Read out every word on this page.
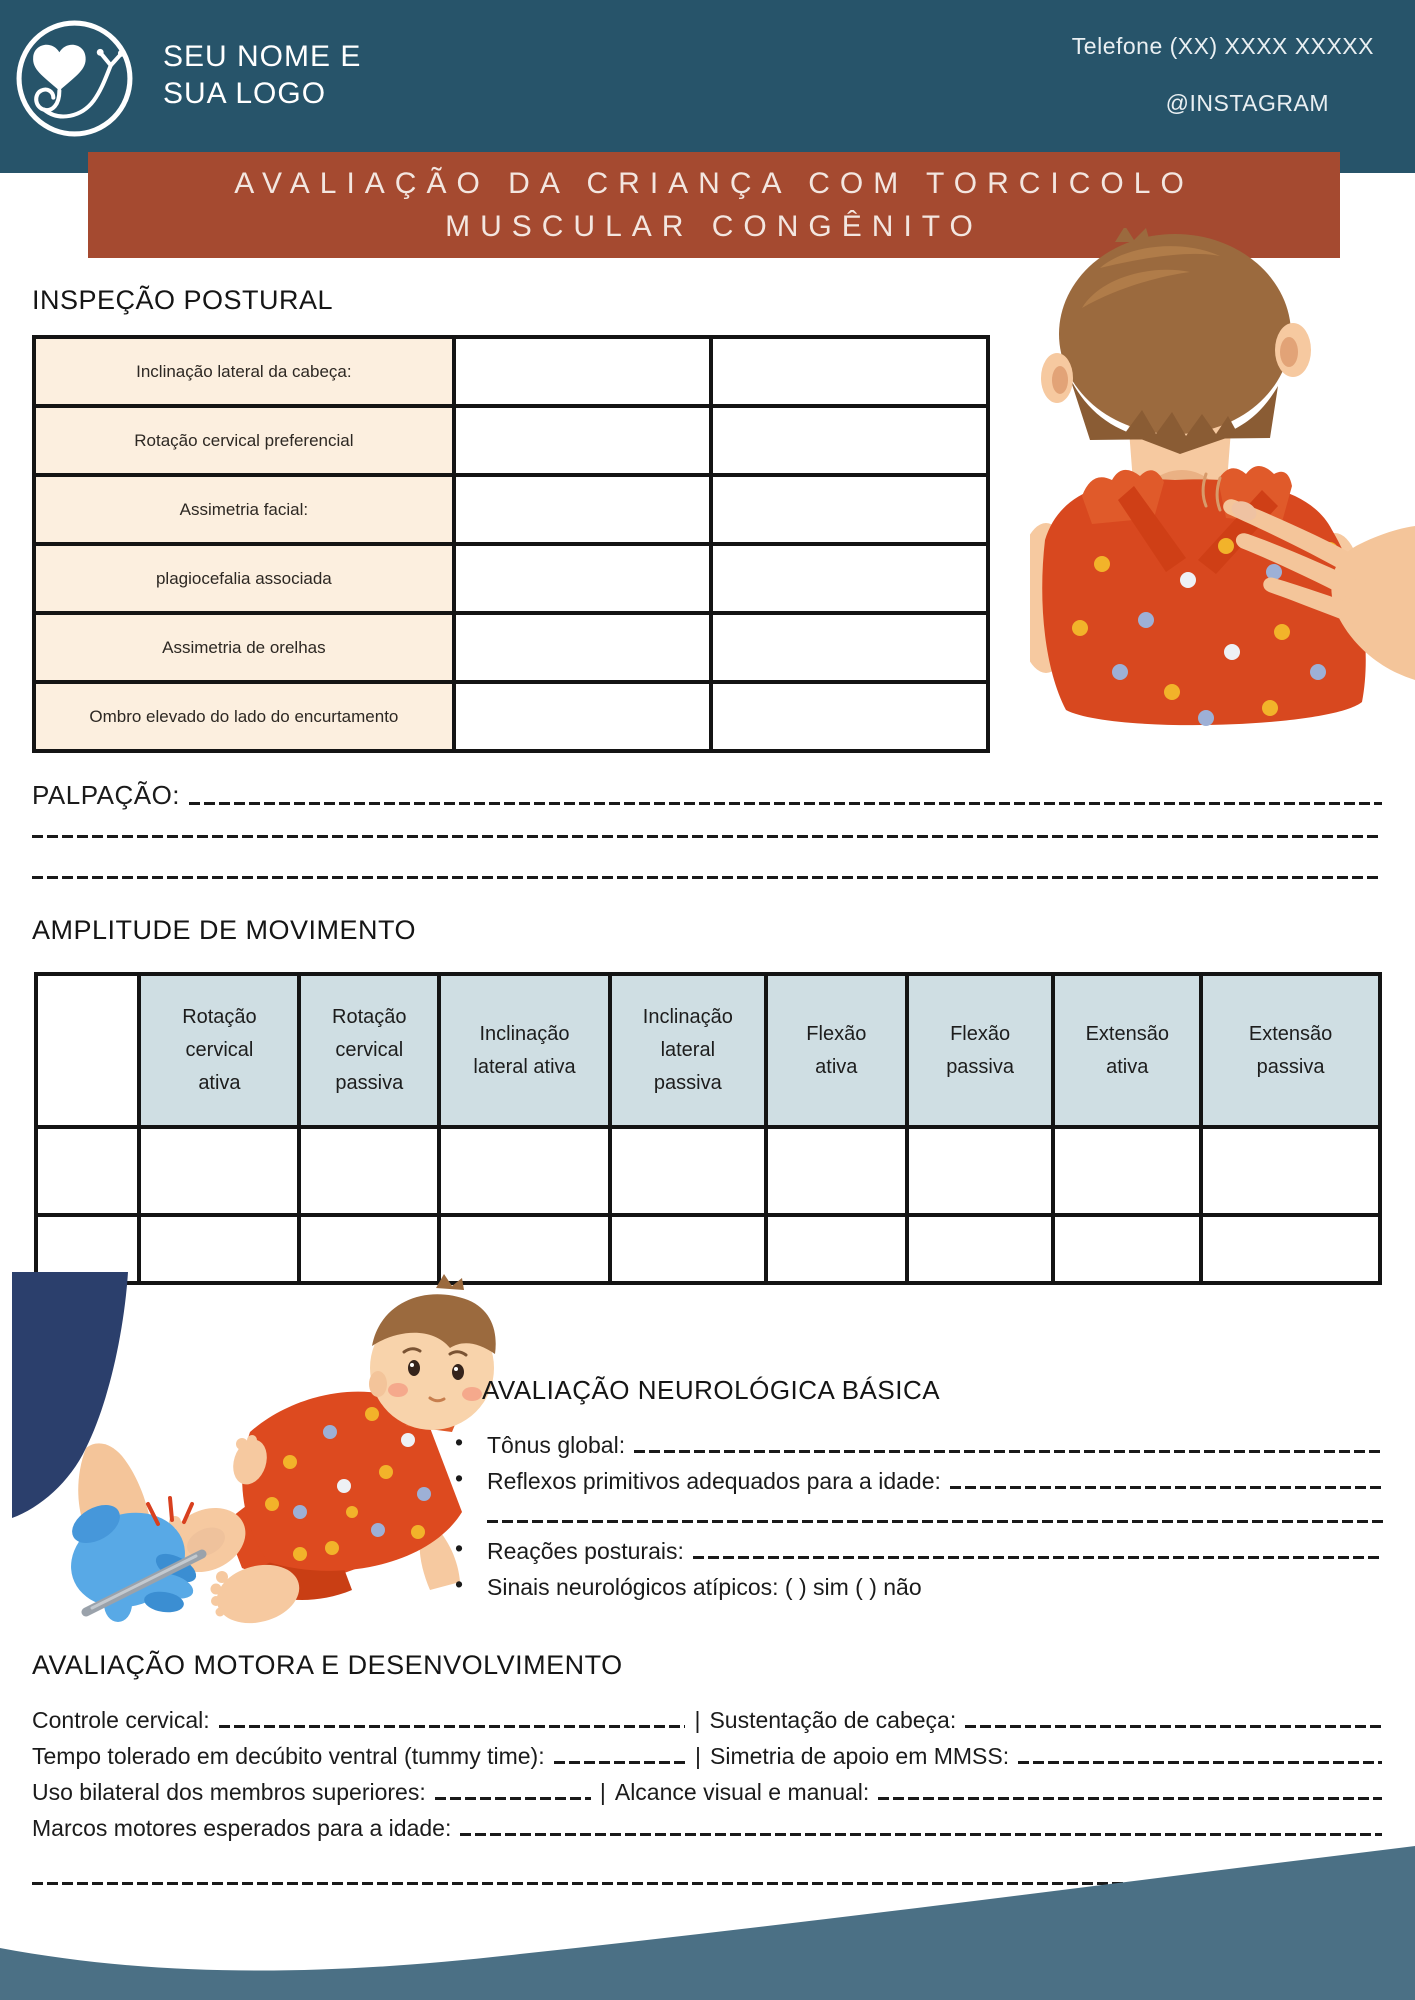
SEU NOME E
SUA LOGO
Telefone (XX) XXXX XXXXX
@INSTAGRAM
AVALIAÇÃO DA CRIANÇA COM TORCICOLO
MUSCULAR CONGÊNITO
INSPEÇÃO POSTURAL
Inclinação lateral da cabeça:		
Rotação cervical preferencial		
Assimetria facial:		
plagiocefalia associada		
Assimetria de orelhas		
Ombro elevado do lado do encurtamento		
PALPAÇÃO:
AMPLITUDE DE MOVIMENTO
	Rotação cervical ativa	Rotação cervical passiva	Inclinação lateral ativa	Inclinação lateral passiva	Flexão ativa	Flexão passiva	Extensão ativa	Extensão passiva

AVALIAÇÃO NEUROLÓGICA BÁSICA
•	Tônus global:
•	Reflexos primitivos adequados para a idade:
•	Reações posturais:
•	Sinais neurológicos atípicos: ( ) sim ( ) não
AVALIAÇÃO MOTORA E DESENVOLVIMENTO
Controle cervical:	| Sustentação de cabeça:
Tempo tolerado em decúbito ventral (tummy time):	| Simetria de apoio em MMSS:
Uso bilateral dos membros superiores:	| Alcance visual e manual:
Marcos motores esperados para a idade:
